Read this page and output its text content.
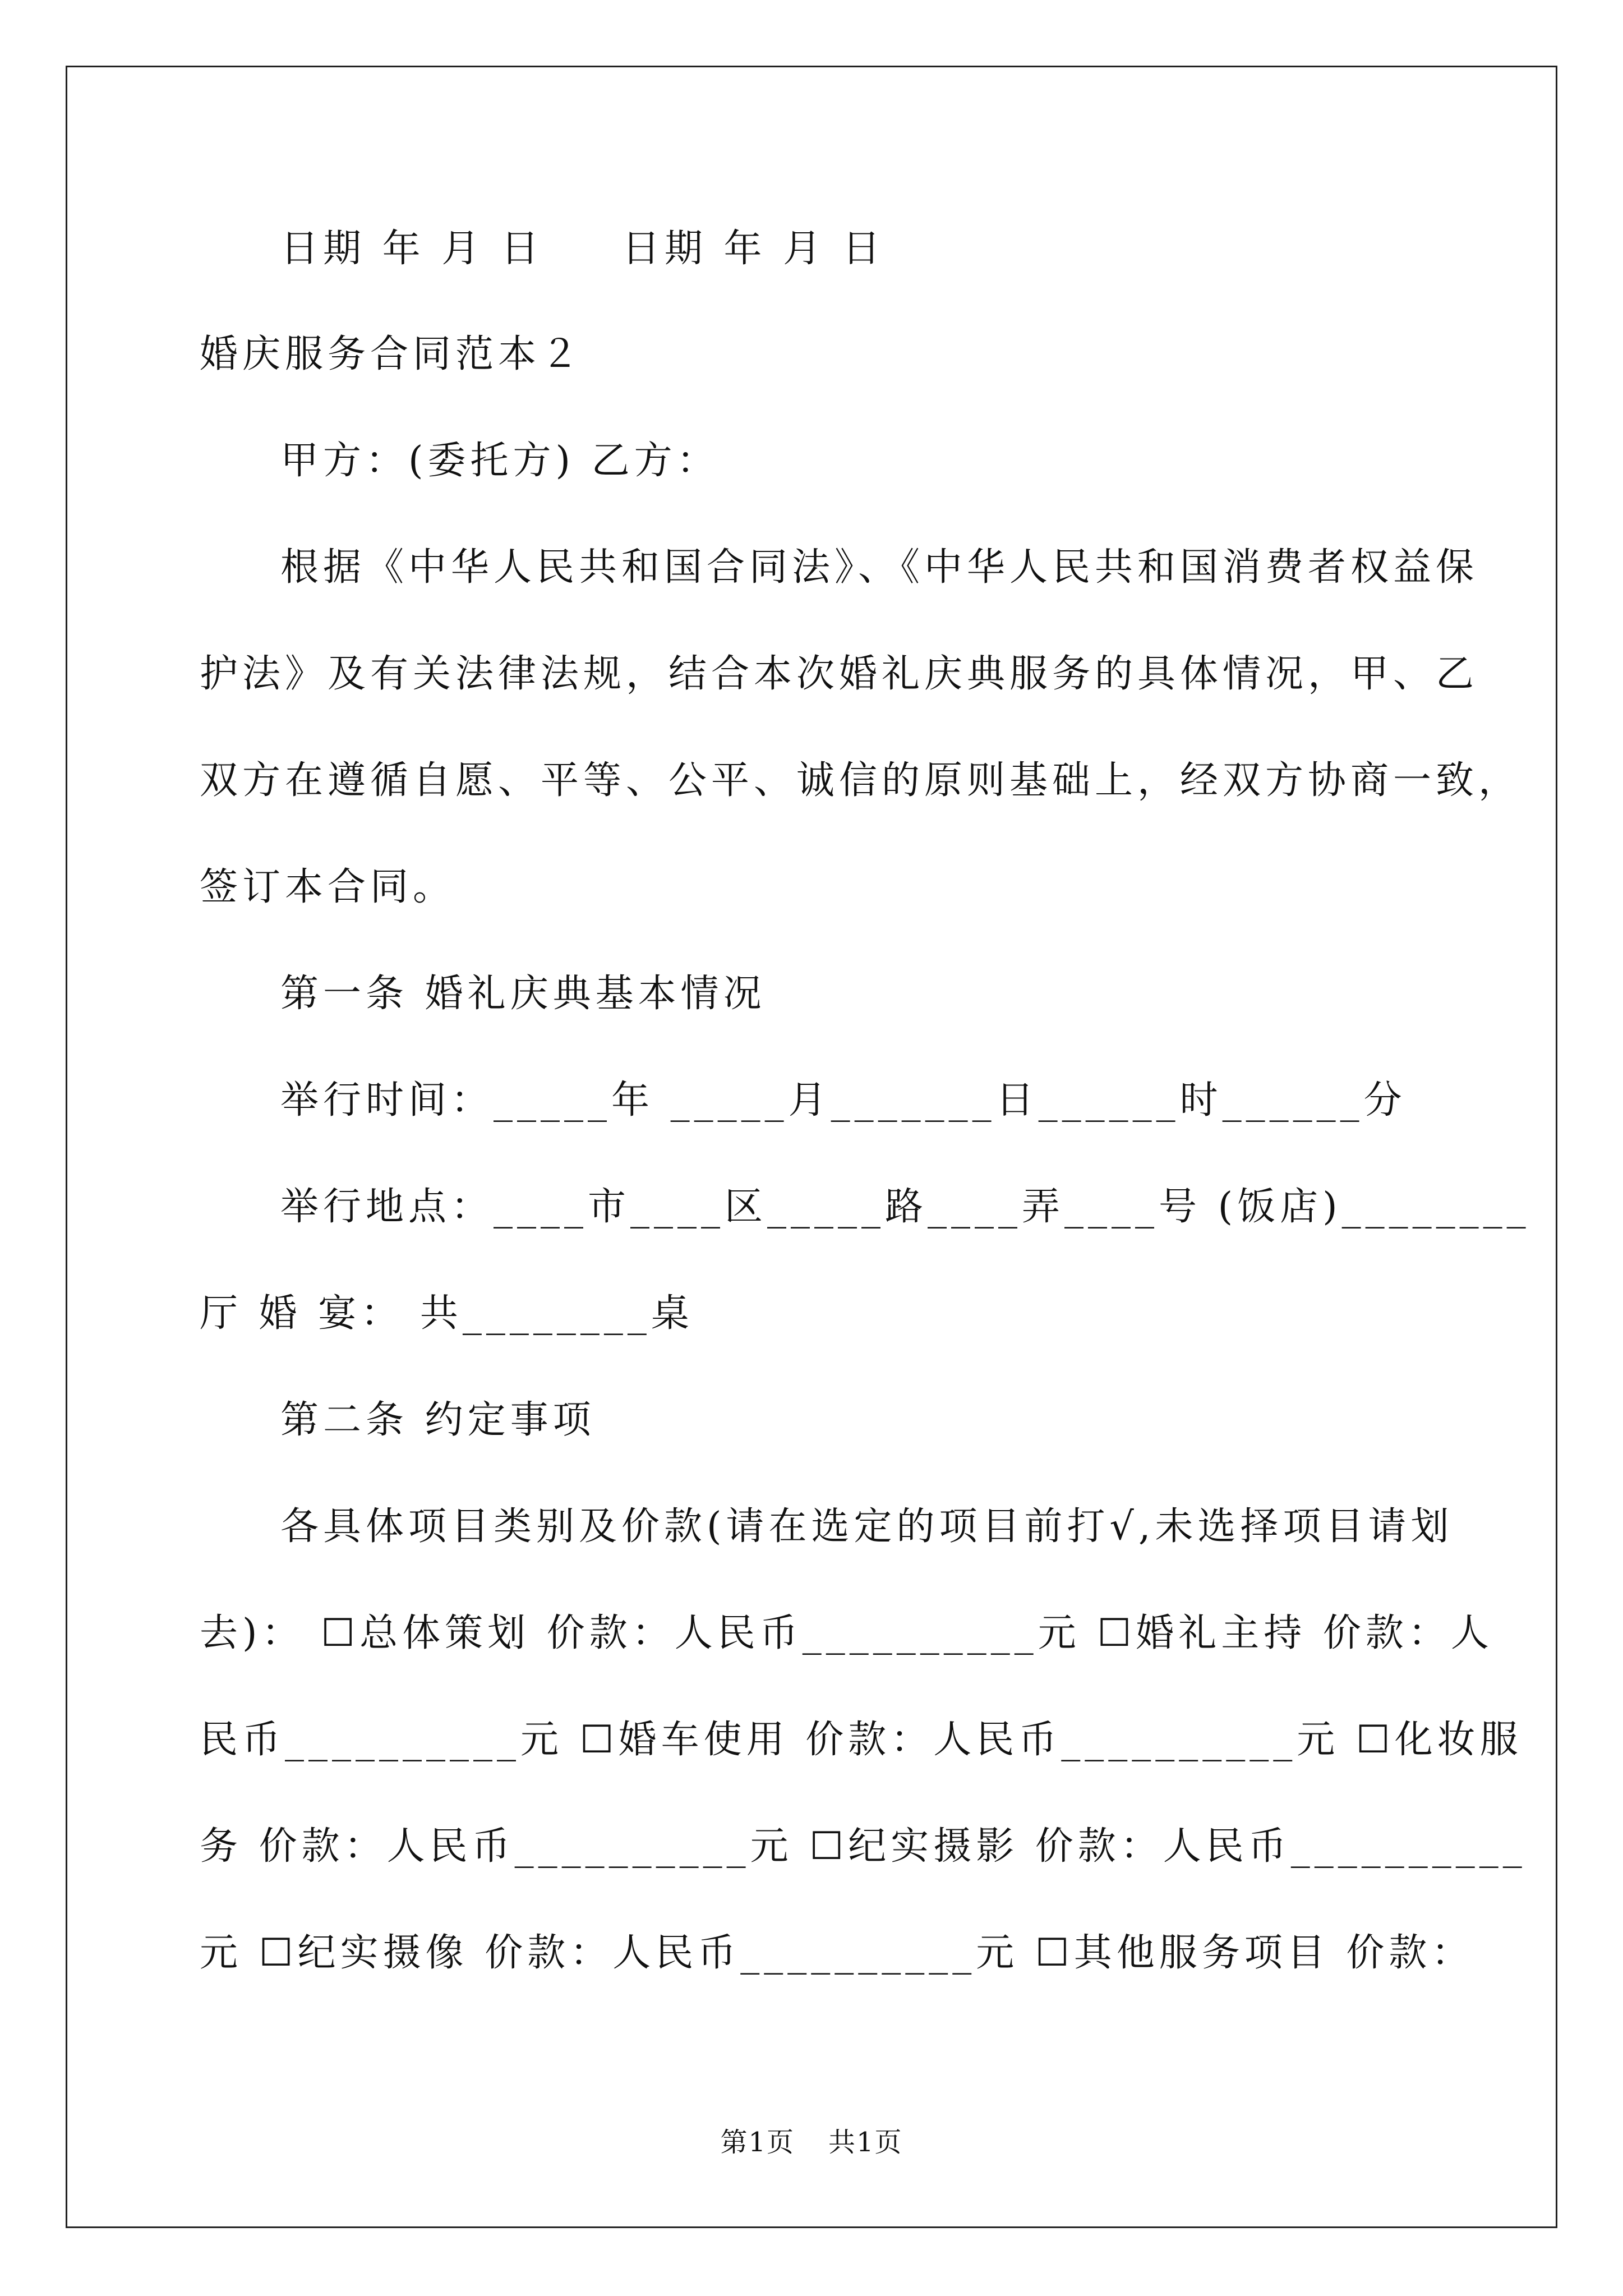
日期 年 月 日 日期 年 月 日
婚庆服务合同范本２
甲方：(委托方) 乙方：
根据《中华人民共和国合同法》、《中华人民共和国消费者权益保
护法》及有关法律法规，结合本次婚礼庆典服务的具体情况，甲、乙
双方在遵循自愿、平等、公平、诚信的原则基础上，经双方协商一致，
签订本合同。
第一条 婚礼庆典基本情况
举行时间：_____年 _____月_______日______时______分
举行地点：____市____区_____路____弄____号 (饭店)________
厅 婚 宴： 共________桌
第二条 约定事项
各具体项目类别及价款(请在选定的项目前打√,未选择项目请划
去)： ☐总体策划 价款：人民币__________元 ☐婚礼主持 价款：人
民币__________元 ☐婚车使用 价款：人民币__________元 ☐化妆服
务 价款：人民币__________元 ☐纪实摄影 价款：人民币__________
元 ☐纪实摄像 价款：人民币__________元 ☐其他服务项目 价款：
第1页 共1页
